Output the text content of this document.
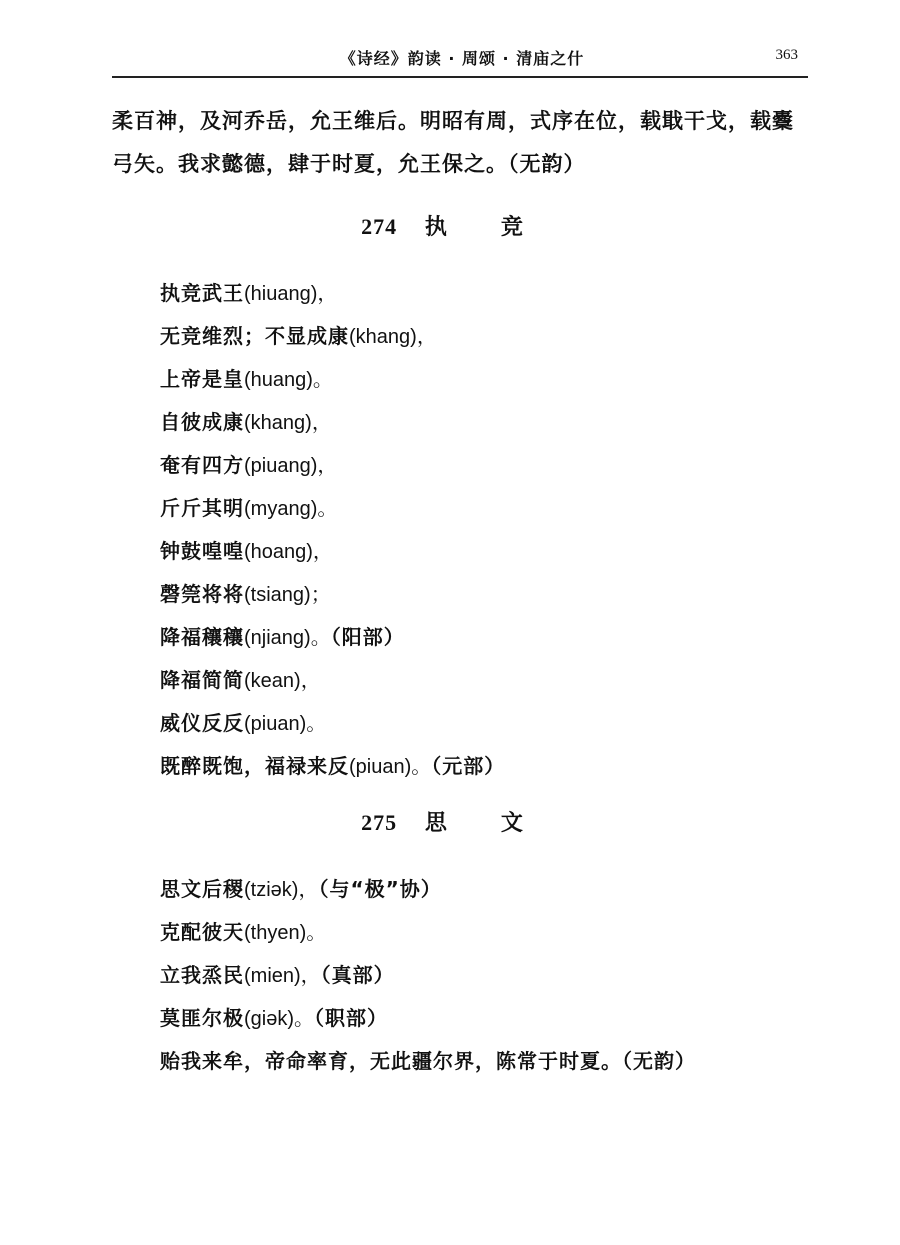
《诗经》韵读 · 周颂 · 清庙之什	363

柔百神，及河乔岳，允王维后。明昭有周，式序在位，载戢干戈，载櫜弓矢。我求懿德，肆于时夏，允王保之。（无韵）

274 执　竞
执竞武王(hiuang)，
无竞维烈；不显成康(khang)，
上帝是皇(huang)。
自彼成康(khang)，
奄有四方(piuang)，
斤斤其明(myang)。
钟鼓喤喤(hoang)，
磬筦将将(tsiang)；
降福穰穰(njiang)。（阳部）
降福简简(kean)，
威仪反反(piuan)。
既醉既饱，福禄来反(piuan)。（元部）
275 思　文
思文后稷(tziək)，（与“极”协）
克配彼天(thyen)。
立我烝民(mien)，（真部）
莫匪尔极(giək)。（职部）
贻我来牟，帝命率育，无此疆尔界，陈常于时夏。（无韵）
